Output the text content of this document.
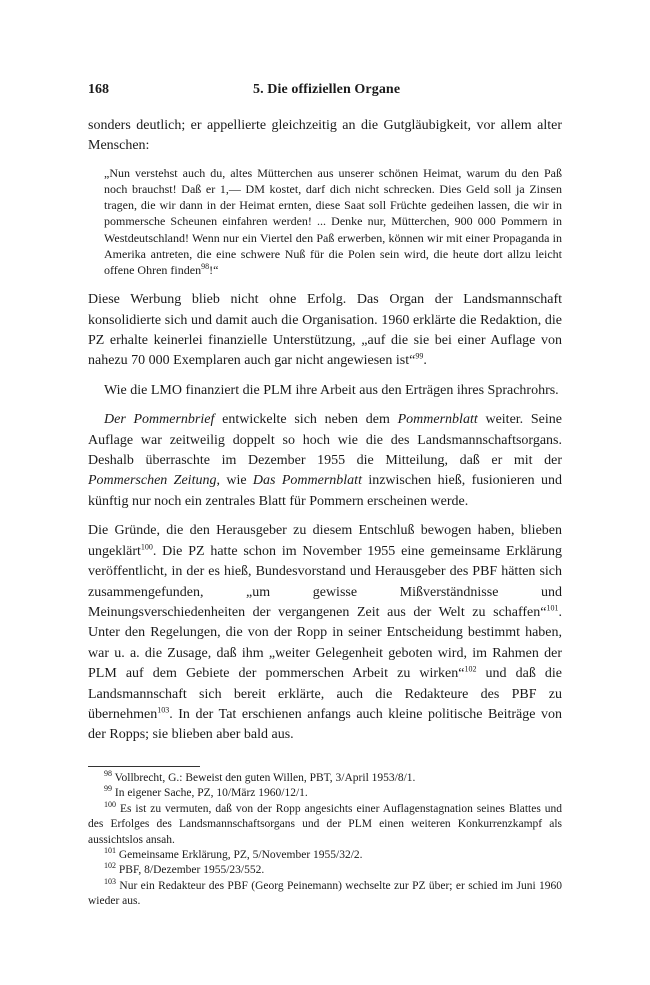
168	5. Die offiziellen Organe

sonders deutlich; er appellierte gleichzeitig an die Gutgläubigkeit, vor allem alter Menschen:

„Nun verstehst auch du, altes Mütterchen aus unserer schönen Heimat, warum du den Paß noch brauchst! Daß er 1,— DM kostet, darf dich nicht schrecken. Dies Geld soll ja Zinsen tragen, die wir dann in der Heimat ernten, diese Saat soll Früchte gedeihen lassen, die wir in pommersche Scheunen einfahren werden! ... Denke nur, Mütterchen, 900 000 Pommern in Westdeutschland! Wenn nur ein Viertel den Paß erwerben, können wir mit einer Propaganda in Amerika antreten, die eine schwere Nuß für die Polen sein wird, die heute dort allzu leicht offene Ohren finden$^{98}$!“

Diese Werbung blieb nicht ohne Erfolg. Das Organ der Landsmannschaft konsolidierte sich und damit auch die Organisation. 1960 erklärte die Redaktion, die PZ erhalte keinerlei finanzielle Unterstützung, „auf die sie bei einer Auflage von nahezu 70 000 Exemplaren auch gar nicht angewiesen ist“$^{99}$.

Wie die LMO finanziert die PLM ihre Arbeit aus den Erträgen ihres Sprachrohrs.

Der Pommernbrief entwickelte sich neben dem Pommernblatt weiter. Seine Auflage war zeitweilig doppelt so hoch wie die des Landsmannschaftsorgans. Deshalb überraschte im Dezember 1955 die Mitteilung, daß er mit der Pommerschen Zeitung, wie Das Pommernblatt inzwischen hieß, fusionieren und künftig nur noch ein zentrales Blatt für Pommern erscheinen werde.

Die Gründe, die den Herausgeber zu diesem Entschluß bewogen haben, blieben ungeklärt$^{100}$. Die PZ hatte schon im November 1955 eine gemeinsame Erklärung veröffentlicht, in der es hieß, Bundesvorstand und Herausgeber des PBF hätten sich zusammengefunden, „um gewisse Mißverständnisse und Meinungsverschiedenheiten der vergangenen Zeit aus der Welt zu schaffen“$^{101}$. Unter den Regelungen, die von der Ropp in seiner Entscheidung bestimmt haben, war u. a. die Zusage, daß ihm „weiter Gelegenheit geboten wird, im Rahmen der PLM auf dem Gebiete der pommerschen Arbeit zu wirken“$^{102}$ und daß die Landsmannschaft sich bereit erklärte, auch die Redakteure des PBF zu übernehmen$^{103}$. In der Tat erschienen anfangs auch kleine politische Beiträge von der Ropps; sie blieben aber bald aus.

$^{98}$ Vollbrecht, G.: Beweist den guten Willen, PBT, 3/April 1953/8/1.

$^{99}$ In eigener Sache, PZ, 10/März 1960/12/1.

$^{100}$ Es ist zu vermuten, daß von der Ropp angesichts einer Auflagenstagnation seines Blattes und des Erfolges des Landsmannschaftsorgans und der PLM einen weiteren Konkurrenzkampf als aussichtslos ansah.

$^{101}$ Gemeinsame Erklärung, PZ, 5/November 1955/32/2.

$^{102}$ PBF, 8/Dezember 1955/23/552.

$^{103}$ Nur ein Redakteur des PBF (Georg Peinemann) wechselte zur PZ über; er schied im Juni 1960 wieder aus.
